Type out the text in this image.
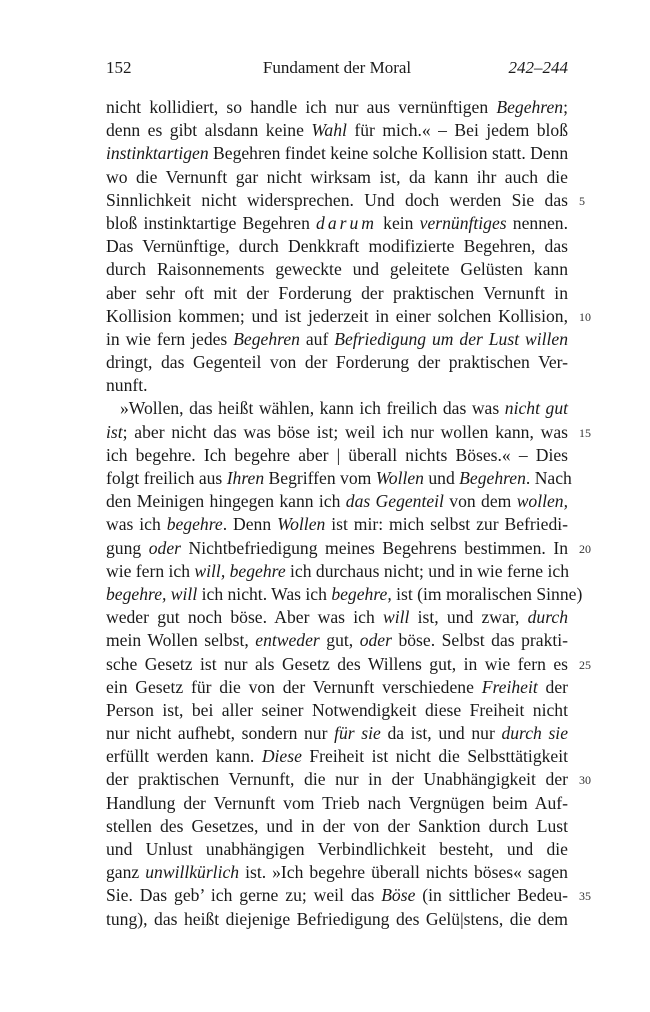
152	Fundament der Moral	242–244
nicht kollidiert, so handle ich nur aus vernünftigen Begehren;
denn es gibt alsdann keine Wahl für mich.« – Bei jedem bloß
instinktartigen Begehren findet keine solche Kollision statt. Denn
wo die Vernunft gar nicht wirksam ist, da kann ihr auch die
Sinnlichkeit nicht widersprechen. Und doch werden Sie das 5
bloß instinktartige Begehren darum kein vernünftiges nennen.
Das Vernünftige, durch Denkkraft modifizierte Begehren, das
durch Raisonnements geweckte und geleitete Gelüsten kann
aber sehr oft mit der Forderung der praktischen Vernunft in
Kollision kommen; und ist jederzeit in einer solchen Kollision, 10
in wie fern jedes Begehren auf Befriedigung um der Lust willen
dringt, das Gegenteil von der Forderung der praktischen Ver-
nunft.
»Wollen, das heißt wählen, kann ich freilich das was nicht gut
ist; aber nicht das was böse ist; weil ich nur wollen kann, was 15
ich begehre. Ich begehre aber | überall nichts Böses.« – Dies
folgt freilich aus Ihren Begriffen vom Wollen und Begehren. Nach
den Meinigen hingegen kann ich das Gegenteil von dem wollen,
was ich begehre. Denn Wollen ist mir: mich selbst zur Befriedi-
gung oder Nichtbefriedigung meines Begehrens bestimmen. In 20
wie fern ich will, begehre ich durchaus nicht; und in wie ferne ich
begehre, will ich nicht. Was ich begehre, ist (im moralischen Sinne)
weder gut noch böse. Aber was ich will ist, und zwar, durch
mein Wollen selbst, entweder gut, oder böse. Selbst das prakti-
sche Gesetz ist nur als Gesetz des Willens gut, in wie fern es 25
ein Gesetz für die von der Vernunft verschiedene Freiheit der
Person ist, bei aller seiner Notwendigkeit diese Freiheit nicht
nur nicht aufhebt, sondern nur für sie da ist, und nur durch sie
erfüllt werden kann. Diese Freiheit ist nicht die Selbsttätigkeit
der praktischen Vernunft, die nur in der Unabhängigkeit der 30
Handlung der Vernunft vom Trieb nach Vergnügen beim Auf-
stellen des Gesetzes, und in der von der Sanktion durch Lust
und Unlust unabhängigen Verbindlichkeit besteht, und die
ganz unwillkürlich ist. »Ich begehre überall nichts böses« sagen
Sie. Das geb’ ich gerne zu; weil das Böse (in sittlicher Bedeu- 35
tung), das heißt diejenige Befriedigung des Gelü|stens, die dem
